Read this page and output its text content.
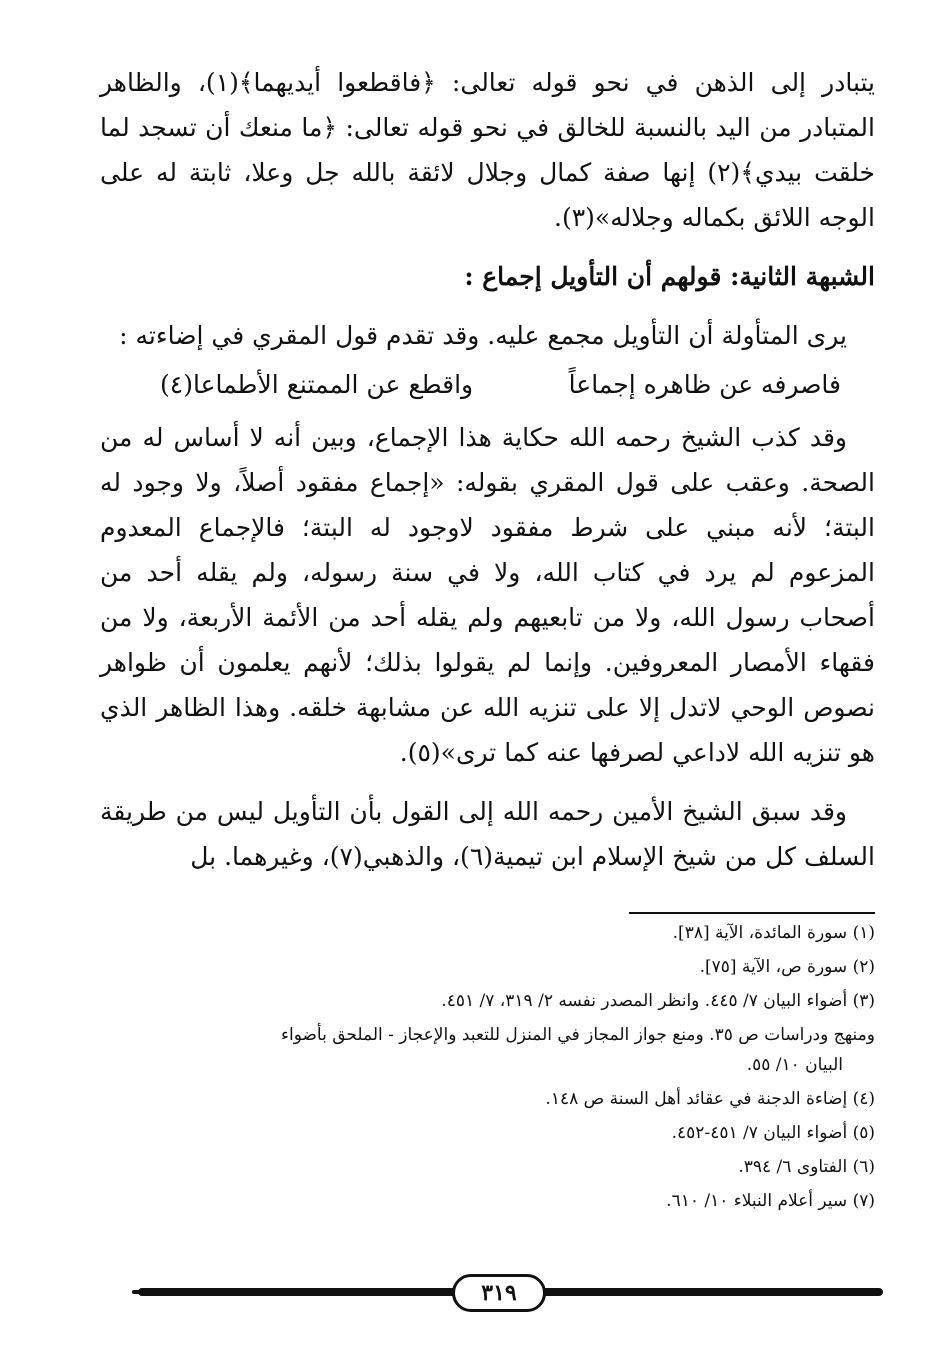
يتبادر إلى الذهن في نحو قوله تعالى: ﴿فاقطعوا أيديهما﴾(١)، والظاهر المتبادر من اليد بالنسبة للخالق في نحو قوله تعالى: ﴿ما منعك أن تسجد لما خلقت بيدي﴾(٢) إنها صفة كمال وجلال لائقة بالله جل وعلا، ثابتة له على الوجه اللائق بكماله وجلاله»(٣).

الشبهة الثانية: قولهم أن التأويل إجماع :

يرى المتأولة أن التأويل مجمع عليه. وقد تقدم قول المقري في إضاءته :

فاصرفه عن ظاهره إجماعاً
واقطع عن الممتنع الأطماعا(٤)

وقد كذب الشيخ رحمه الله حكاية هذا الإجماع، وبين أنه لا أساس له من الصحة. وعقب على قول المقري بقوله: «إجماع مفقود أصلاً، ولا وجود له البتة؛ لأنه مبني على شرط مفقود لاوجود له البتة؛ فالإجماع المعدوم المزعوم لم يرد في كتاب الله، ولا في سنة رسوله، ولم يقله أحد من أصحاب رسول الله، ولا من تابعيهم ولم يقله أحد من الأئمة الأربعة، ولا من فقهاء الأمصار المعروفين. وإنما لم يقولوا بذلك؛ لأنهم يعلمون أن ظواهر نصوص الوحي لاتدل إلا على تنزيه الله عن مشابهة خلقه. وهذا الظاهر الذي هو تنزيه الله لاداعي لصرفها عنه كما ترى»(٥).

وقد سبق الشيخ الأمين رحمه الله إلى القول بأن التأويل ليس من طريقة السلف كل من شيخ الإسلام ابن تيمية(٦)، والذهبي(٧)، وغيرهما. بل

(١) سورة المائدة، الآية [٣٨].

(٢) سورة ص، الآية [٧٥].

(٣) أضواء البيان ٧/ ٤٤٥. وانظر المصدر نفسه ٢/ ٣١٩، ٧/ ٤٥١.

ومنهج ودراسات ص ٣٥. ومنع جواز المجاز في المنزل للتعبد والإعجاز - الملحق بأضواء
البيان ١٠/ ٥٥.

(٤) إضاءة الدجنة في عقائد أهل السنة ص ١٤٨.

(٥) أضواء البيان ٧/ ٤٥١-٤٥٢.

(٦) الفتاوى ٦/ ٣٩٤.

(٧) سير أعلام النبلاء ١٠/ ٦١٠.

٣١٩
